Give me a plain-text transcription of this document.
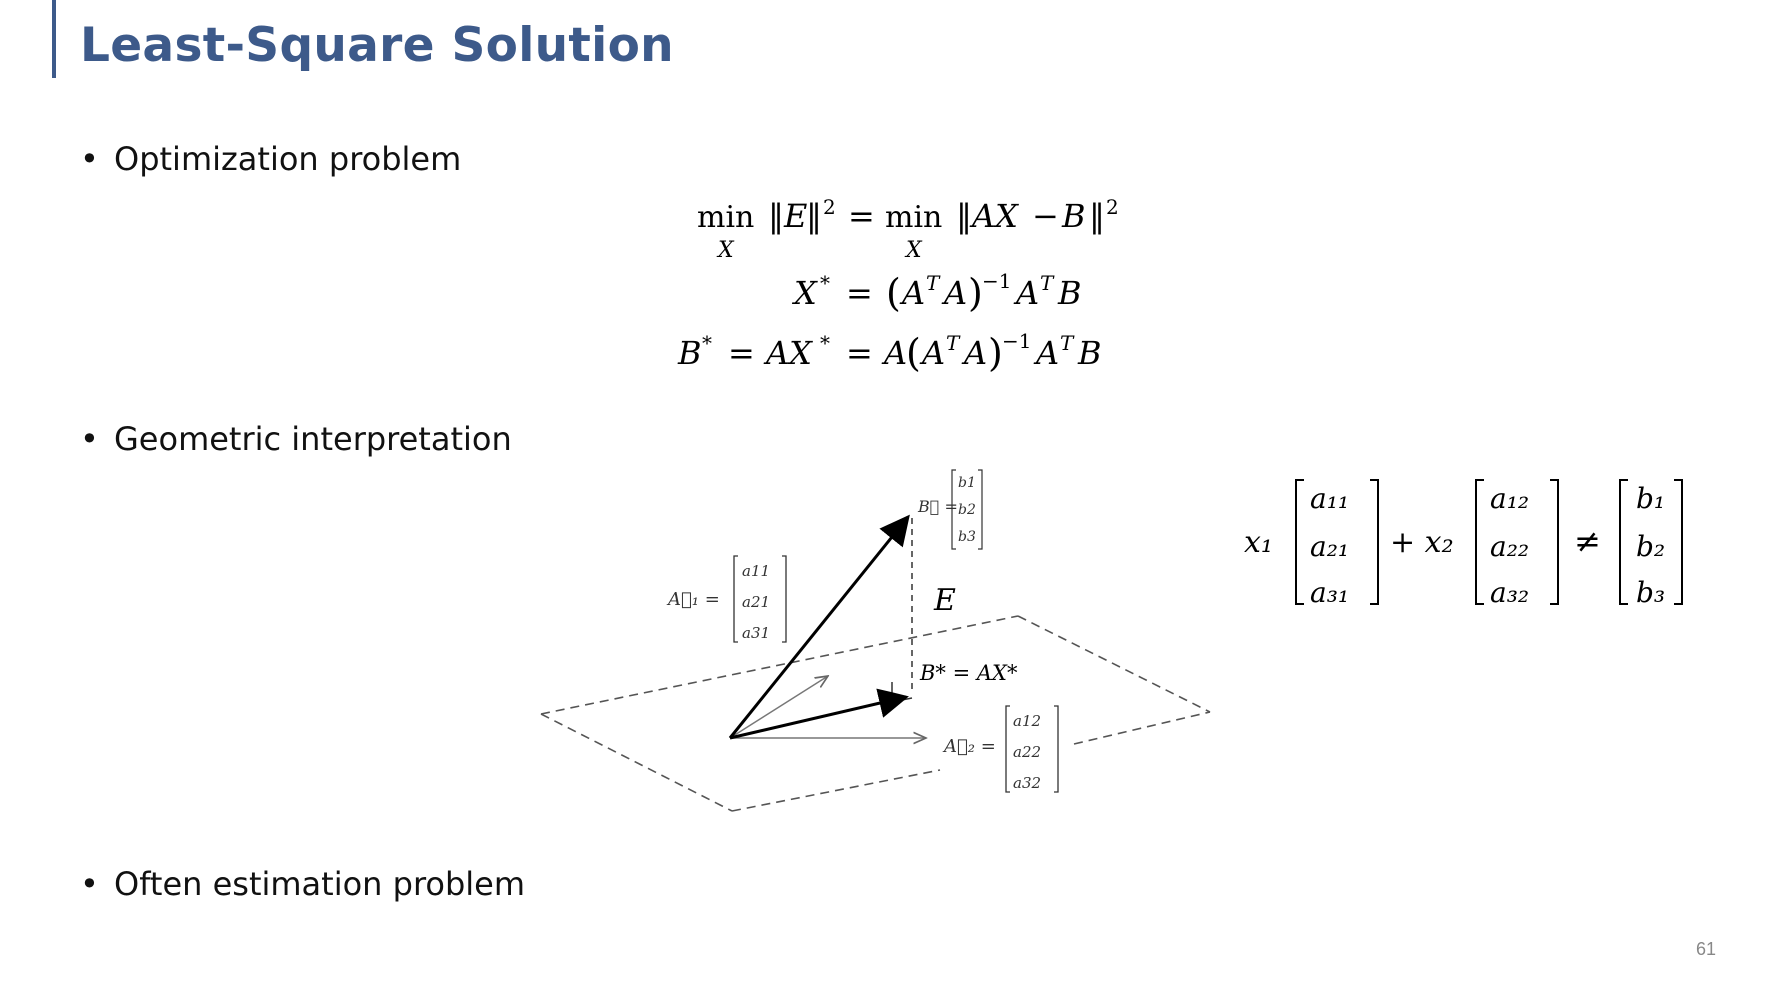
Least-Square Solution
• Optimization problem
• Geometric interpretation
• Often estimation problem
min
X
‖ E
‖ 2 = min
X
‖ AX − B ‖ 2
X * = ( A T A ) −1 A T B
B * = AX * = A
( A T A ) −1 A T B
B⃗ =
b1
b2
b3
A⃗₁ =
a11
a21
a31
E
B* = AX*
A⃗₂ =
a12
a22
a32
x₁
a₁₁
a₂₁
a₃₁
+ x₂
a₁₂
a₂₂
a₃₂
≠
b₁
b₂
b₃
61
